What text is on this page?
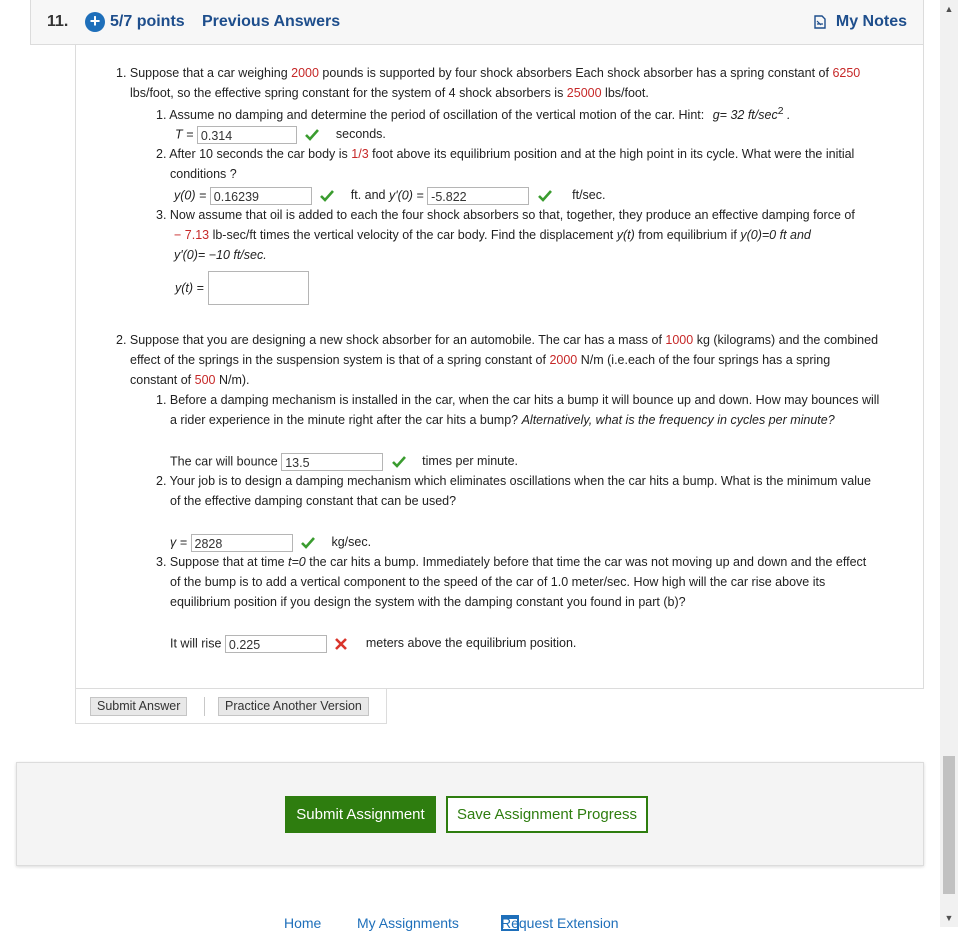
▲
▼
11. + 5/7 points Previous Answers	My Notes
1. Suppose that a car weighing 2000 pounds is supported by four shock absorbers Each shock absorber has a spring constant of 6250
lbs/foot, so the effective spring constant for the system of 4 shock absorbers is 25000 lbs/foot.
1. Assume no damping and determine the period of oscillation of the vertical motion of the car. Hint: g= 32 $ft/\sec^2$ .
T = 0.314	seconds.
2. After 10 seconds the car body is 1/3 foot above its equilibrium position and at the high point in its cycle. What were the initial
conditions ?
y(0) = 0.16239	ft. and y'(0) = -5.822	ft/sec.
3. Now assume that oil is added to each the four shock absorbers so that, together, they produce an effective damping force of
− 7.13 lb-sec/ft times the vertical velocity of the car body. Find the displacement y(t) from equilibrium if y(0)=0 ft and
y'(0)= −10 ft/sec.
y(t) =
2. Suppose that you are designing a new shock absorber for an automobile. The car has a mass of 1000 kg (kilograms) and the combined
effect of the springs in the suspension system is that of a spring constant of 2000 N/m (i.e.each of the four springs has a spring
constant of 500 N/m).
1. Before a damping mechanism is installed in the car, when the car hits a bump it will bounce up and down. How may bounces will
a rider experience in the minute right after the car hits a bump? Alternatively, what is the frequency in cycles per minute?
The car will bounce 13.5	times per minute.
2. Your job is to design a damping mechanism which eliminates oscillations when the car hits a bump. What is the minimum value
of the effective damping constant that can be used?
γ = 2828	kg/sec.
3. Suppose that at time t=0 the car hits a bump. Immediately before that time the car was not moving up and down and the effect
of the bump is to add a vertical component to the speed of the car of 1.0 meter/sec. How high will the car rise above its
equilibrium position if you design the system with the damping constant you found in part (b)?
It will rise 0.225	meters above the equilibrium position.
Submit Answer	Practice Another Version
Submit Assignment	Save Assignment Progress
Home	My Assignments	Request Extension
